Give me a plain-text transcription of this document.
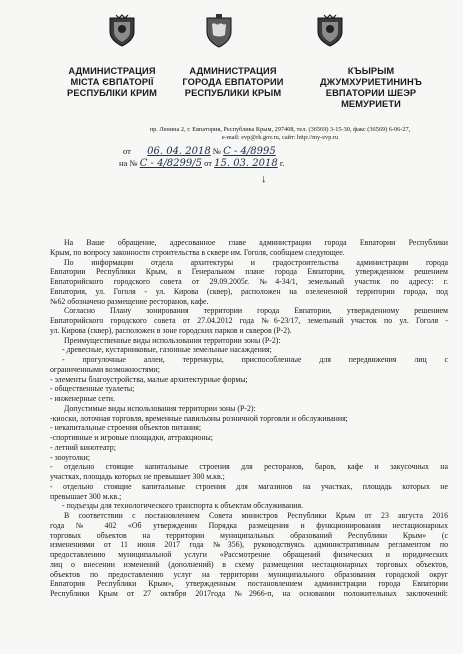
АДМИНИСТРАЦИЯ
МІСТА ЄВПАТОРІЇ
РЕСПУБЛІКИ КРИМ
АДМИНИСТРАЦИЯ
ГОРОДА ЕВПАТОРИИ
РЕСПУБЛИКИ КРЫМ
КЪЫРЫМ
ДЖУМХУРИЕТИНИНЪ
ЕВПАТОРИИ ШЕЭР
МЕМУРИЕТИ
пр. Ленина 2, г. Евпатория, Республика Крым, 297408, тел. (36569) 3-15-30, факс (36569) 6-06-27,
e-mail: evp@rk.gov.ru, сайт: http://my-evp.ru
от 06. 04. 2018 № С - 4/8995
на № С - 4/8299/5 от 15. 03. 2018 г.
↓
На Ваше обращение, адресованное главе администрации города Евпатории Республики
Крым, по вопросу законности строительства в сквере им. Гоголя, сообщаем следующее.
По информации отдела архитектуры и градостроительства администрации города
Евпатории Республики Крым, в Генеральном плане города Евпатории, утвержденном решением
Евпаторийского городского совета от 29.09.2005г. №4-34/1, земельный участок по адресу: г.
Евпатория, ул. Гоголя - ул. Кирова (сквер), расположен на озелененной территории города, под
№62 обозначено размещение ресторанов, кафе.
Согласно Плану зонирования территории города Евпатории, утвержденному решением
Евпаторийского городского совета от 27.04.2012 года №6-23/17, земельный участок по ул. Гоголя -
ул. Кирова (сквер), расположен в зоне городских парков и скверов (Р-2).
Преимущественные виды использования территории зоны (Р-2):
- древесные, кустарниковые, газонные земельные насаждения;
- прогулочные аллеи, терренкуры, приспособленные для передвижения лиц с
ограниченными возможностями;
- элементы благоустройства, малые архитектурные формы;
- общественные туалеты;
- инженерные сети.
Допустимые виды использования территории зоны (Р-2):
-киоски, лоточная торговля, временные павильоны розничной торговли и обслуживания;
- некапитальные строения объектов питания;
-спортивные и игровые площадки, аттракционы;
- летний кинотеатр;
- зооуголки;
- отдельно стоящие капитальные строения для ресторанов, баров, кафе и закусочных на
участках, площадь которых не превышает 300 м.кв.;
- отдельно стоящие капитальные строения для магазинов на участках, площадь которых не
превышает 300 м.кв.;
- подъезды для технологического транспорта к объектам обслуживания.
В соответствии с постановлением Совета министров Республики Крым от 23 августа 2016
года № 402 «Об утверждении Порядка размещения и функционирования нестационарных
торговых объектов на территории муниципальных образований Республики Крым» (с
изменениями от 11 июня 2017 года №356), руководствуясь административным регламентом по
предоставлению муниципальной услуги «Рассмотрение обращений физических и юридических
лиц о внесении изменений (дополнений) в схему размещения нестационарных торговых объектов,
объектов по предоставлению услуг на территории муниципального образования городской округ
Евпатория Республики Крым», утвержденным постановлением администрации города Евпатории
Республики Крым от 27 октября 2017года №2966-п, на основании положительных заключений:
